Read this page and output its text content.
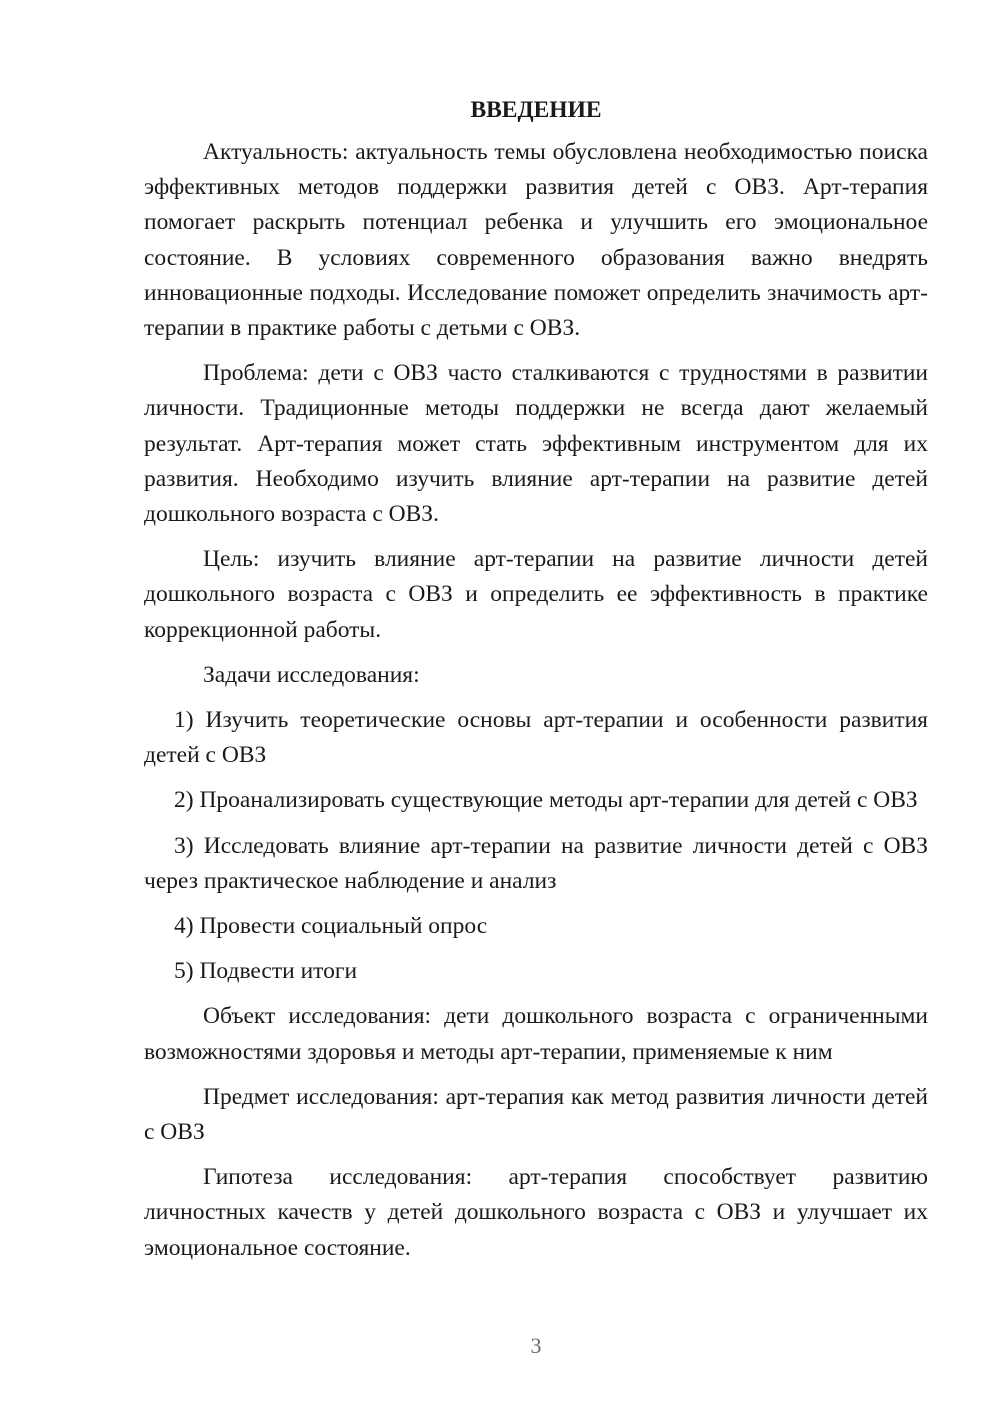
ВВЕДЕНИЕ

Актуальность: актуальность темы обусловлена необходимостью поиска эффективных методов поддержки развития детей с ОВЗ. Арт-терапия помогает раскрыть потенциал ребенка и улучшить его эмоциональное состояние. В условиях современного образования важно внедрять инновационные подходы. Исследование поможет определить значимость арт-терапии в практике работы с детьми с ОВЗ.

Проблема: дети с ОВЗ часто сталкиваются с трудностями в развитии личности. Традиционные методы поддержки не всегда дают желаемый результат. Арт-терапия может стать эффективным инструментом для их развития. Необходимо изучить влияние арт-терапии на развитие детей дошкольного возраста с ОВЗ.

Цель: изучить влияние арт-терапии на развитие личности детей дошкольного возраста с ОВЗ и определить ее эффективность в практике коррекционной работы.

Задачи исследования:

1) Изучить теоретические основы арт-терапии и особенности развития детей с ОВЗ

2) Проанализировать существующие методы арт-терапии для детей с ОВЗ

3) Исследовать влияние арт-терапии на развитие личности детей с ОВЗ через практическое наблюдение и анализ

4) Провести социальный опрос

5) Подвести итоги

Объект исследования: дети дошкольного возраста с ограниченными возможностями здоровья и методы арт-терапии, применяемые к ним

Предмет исследования: арт-терапия как метод развития личности детей с ОВЗ

Гипотеза исследования: арт-терапия способствует развитию личностных качеств у детей дошкольного возраста с ОВЗ и улучшает их эмоциональное состояние.

3
